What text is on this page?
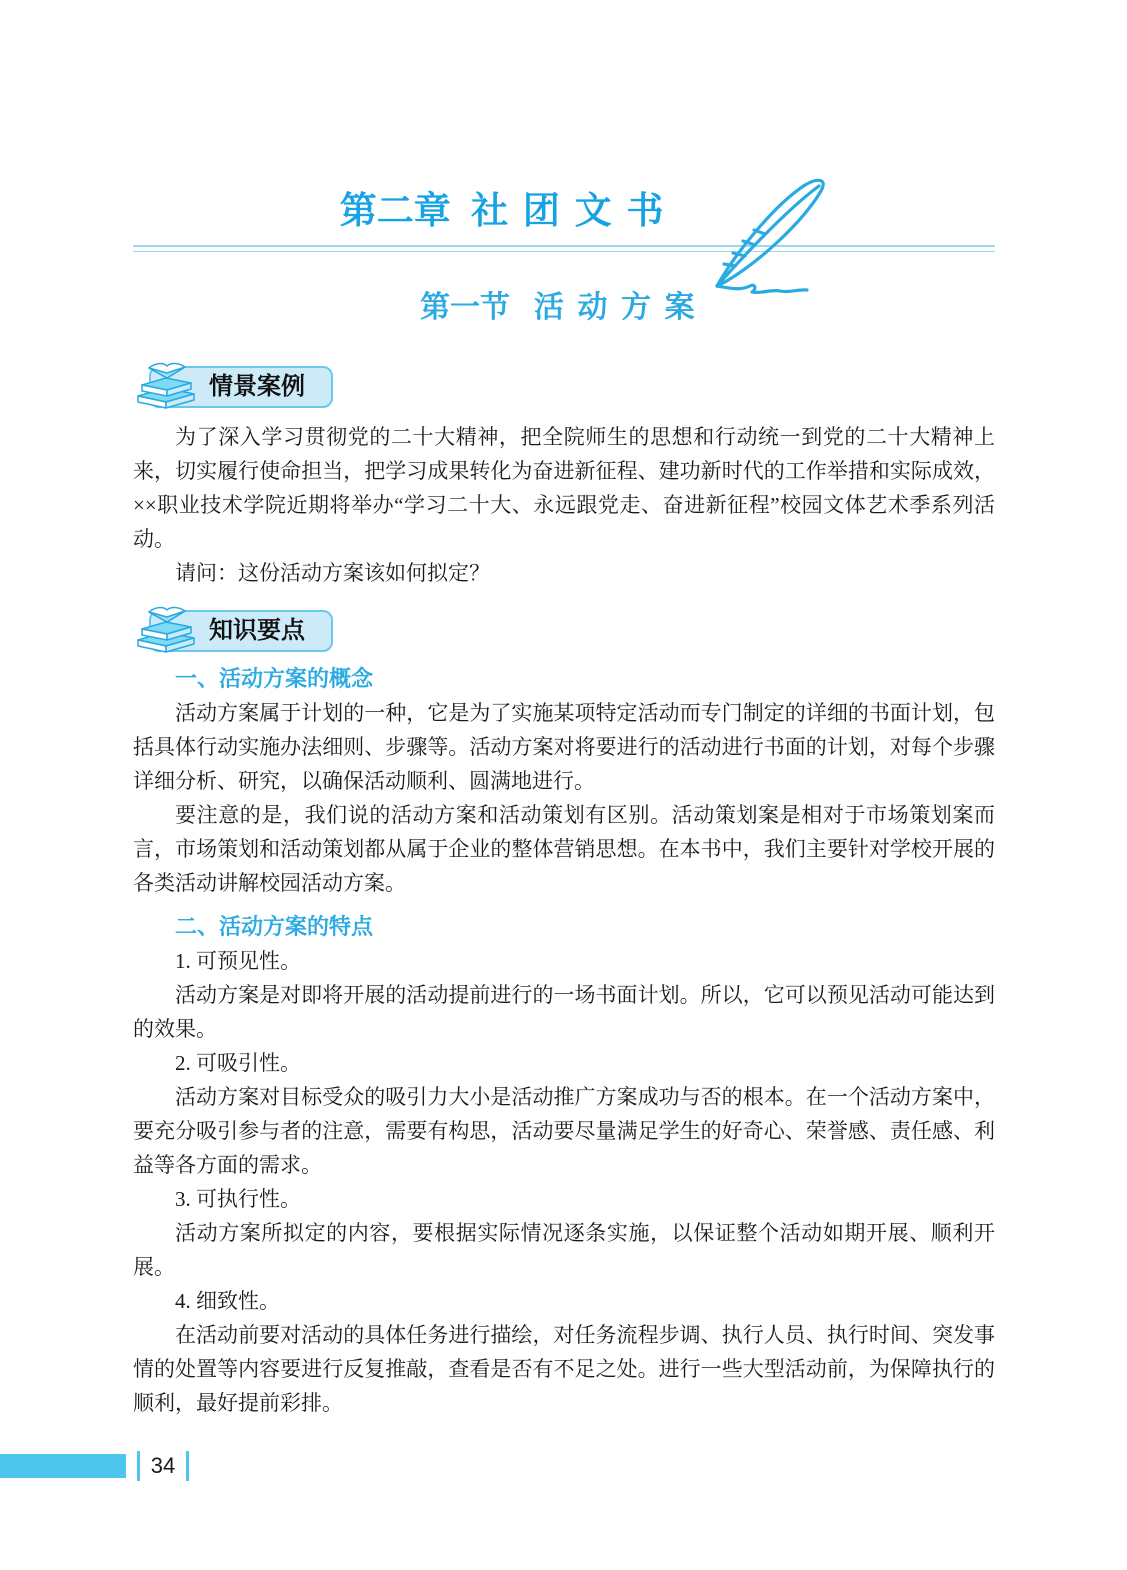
第二章 社团文书
第一节 活动方案
情景案例

为了深入学习贯彻党的二十大精神，把全院师生的思想和行动统一到党的二十大精神上来，切实履行使命担当，把学习成果转化为奋进新征程、建功新时代的工作举措和实际成效，××职业技术学院近期将举办“学习二十大、永远跟党走、奋进新征程”校园文体艺术季系列活动。

请问：这份活动方案该如何拟定？

知识要点
一、活动方案的概念

活动方案属于计划的一种，它是为了实施某项特定活动而专门制定的详细的书面计划，包括具体行动实施办法细则、步骤等。活动方案对将要进行的活动进行书面的计划，对每个步骤详细分析、研究，以确保活动顺利、圆满地进行。

要注意的是，我们说的活动方案和活动策划有区别。活动策划案是相对于市场策划案而言，市场策划和活动策划都从属于企业的整体营销思想。在本书中，我们主要针对学校开展的各类活动讲解校园活动方案。

二、活动方案的特点

1. 可预见性。

活动方案是对即将开展的活动提前进行的一场书面计划。所以，它可以预见活动可能达到的效果。

2. 可吸引性。

活动方案对目标受众的吸引力大小是活动推广方案成功与否的根本。在一个活动方案中，要充分吸引参与者的注意，需要有构思，活动要尽量满足学生的好奇心、荣誉感、责任感、利益等各方面的需求。

3. 可执行性。

活动方案所拟定的内容，要根据实际情况逐条实施，以保证整个活动如期开展、顺利开展。

4. 细致性。

在活动前要对活动的具体任务进行描绘，对任务流程步调、执行人员、执行时间、突发事情的处置等内容要进行反复推敲，查看是否有不足之处。进行一些大型活动前，为保障执行的顺利，最好提前彩排。

34
